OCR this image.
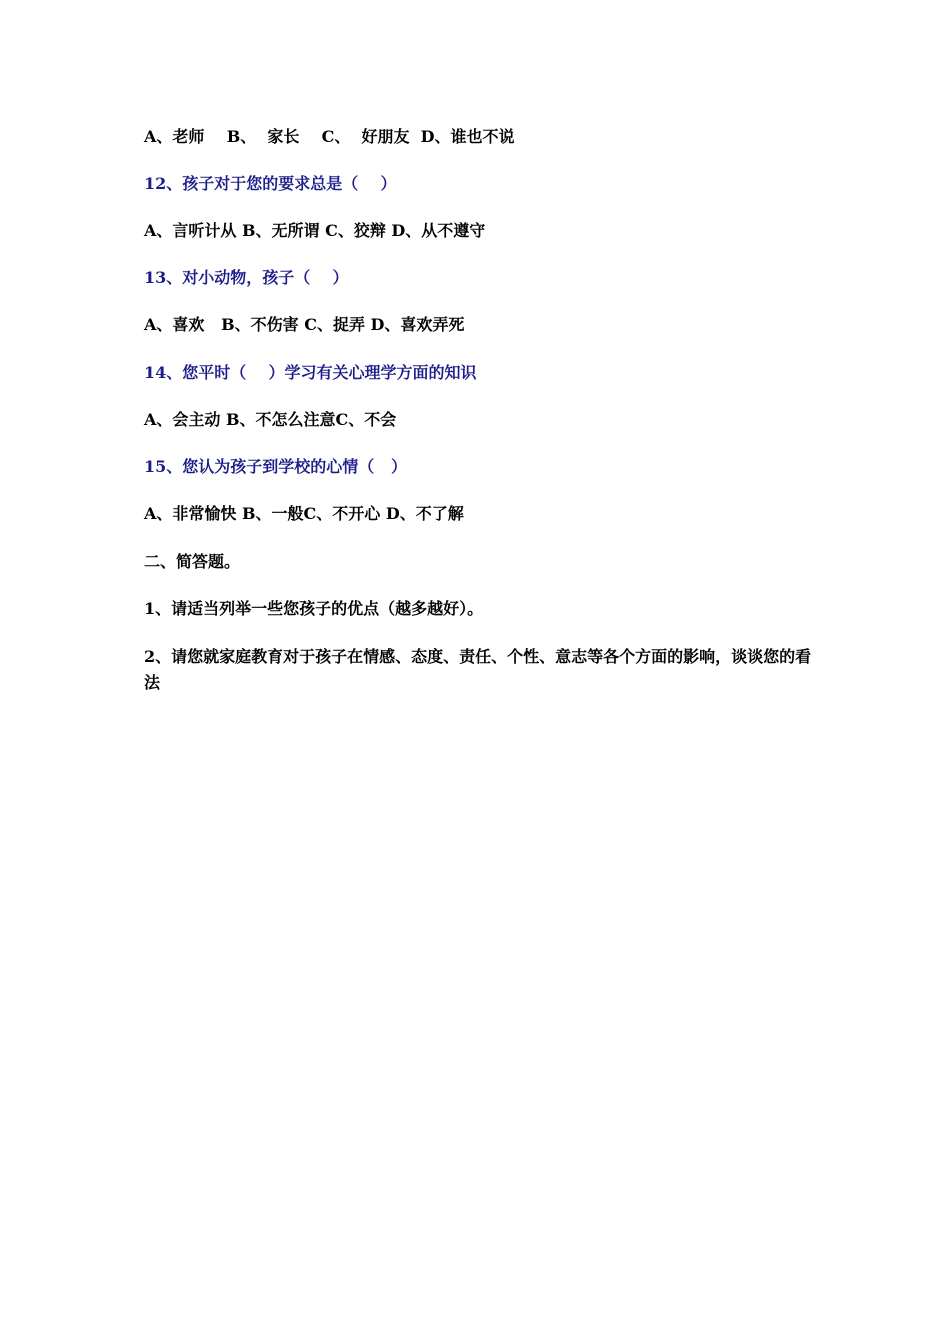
A、老师    B、  家长    C、  好朋友  D、谁也不说

12、孩子对于您的要求总是（    ）

A、言听计从 B、无所谓 C、狡辩 D、从不遵守

13、对小动物，孩子（    ）

A、喜欢   B、不伤害 C、捉弄 D、喜欢弄死

14、您平时（    ）学习有关心理学方面的知识

A、会主动 B、不怎么注意C、不会

15、您认为孩子到学校的心情（   ）

A、非常愉快 B、一般C、不开心 D、不了解

二、简答题。

1、请适当列举一些您孩子的优点（越多越好）。

2、请您就家庭教育对于孩子在情感、态度、责任、个性、意志等各个方面的影响，谈谈您的看法
